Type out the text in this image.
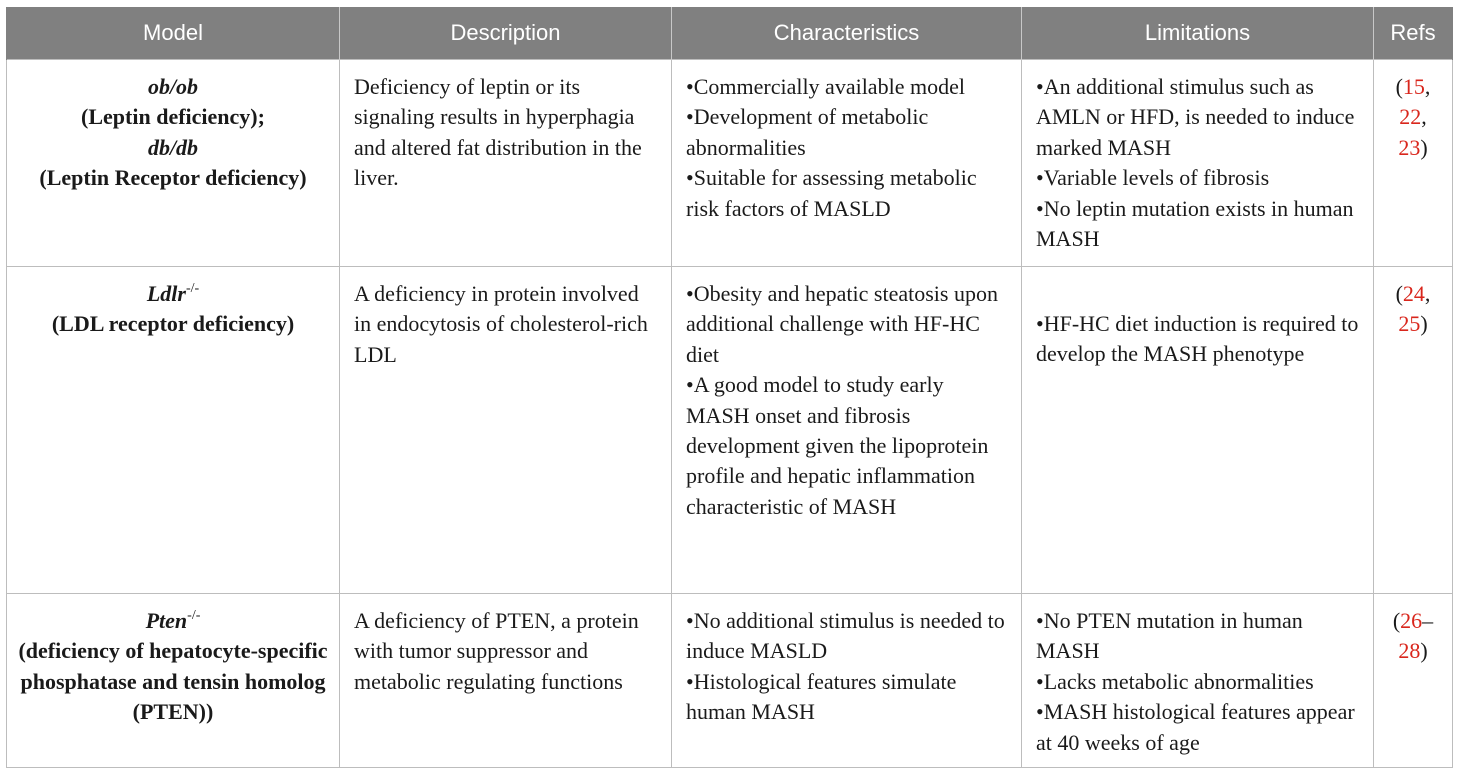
Model	Description	Characteristics	Limitations	Refs

ob/ob
(Leptin deficiency);
db/db
(Leptin Receptor deficiency)	Deficiency of leptin or its signaling results in hyperphagia and altered fat distribution in the liver.	•Commercially available model
•Development of metabolic abnormalities
•Suitable for assessing metabolic risk factors of MASLD	•An additional stimulus such as AMLN or HFD, is needed to induce marked MASH
•Variable levels of fibrosis
•No leptin mutation exists in human MASH	(15,
22,
23)

Ldlr-/-
(LDL receptor deficiency)	A deficiency in protein involved in endocytosis of cholesterol-rich LDL	•Obesity and hepatic steatosis upon additional challenge with HF-HC diet
•A good model to study early MASH onset and fibrosis development given the lipoprotein profile and hepatic inflammation characteristic of MASH	•HF-HC diet induction is required to develop the MASH phenotype	(24,
25)

Pten-/-
(deficiency of hepatocyte-specific phosphatase and tensin homolog (PTEN))	A deficiency of PTEN, a protein with tumor suppressor and metabolic regulating functions	•No additional stimulus is needed to induce MASLD
•Histological features simulate human MASH	•No PTEN mutation in human MASH
•Lacks metabolic abnormalities
•MASH histological features appear at 40 weeks of age	(26–
28)
